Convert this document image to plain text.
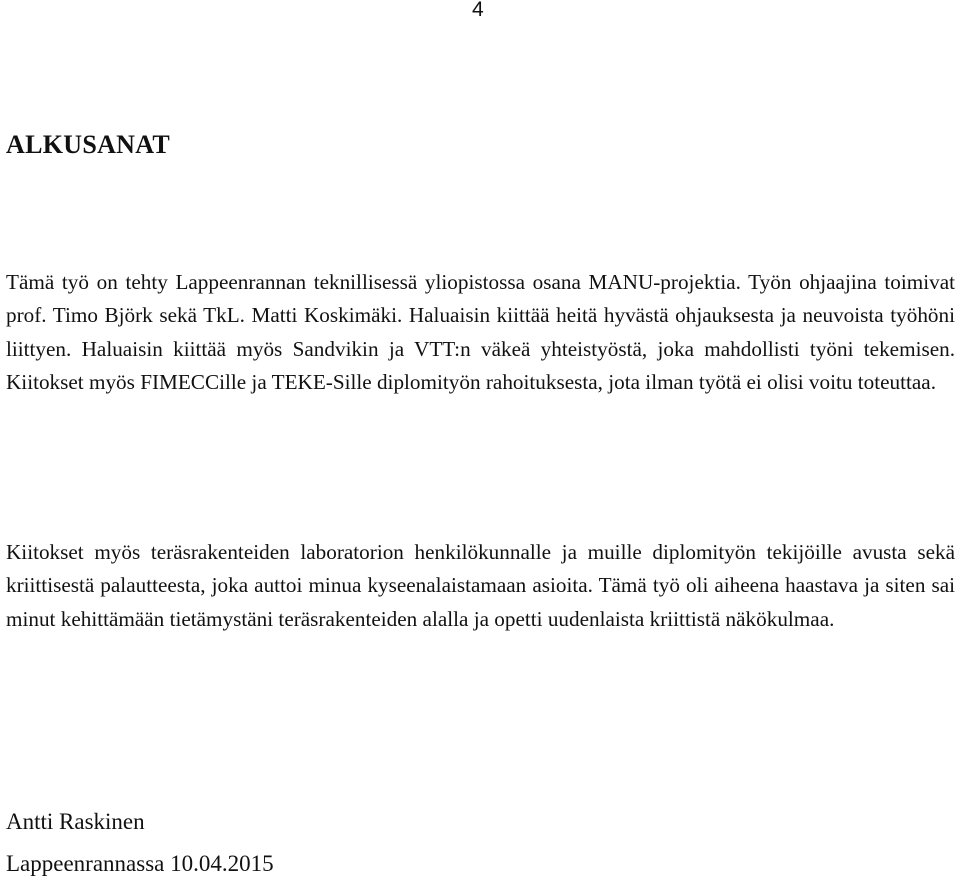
4
ALKUSANAT

Tämä työ on tehty Lappeenrannan teknillisessä yliopistossa osana MANU-projektia. Työn ohjaajina toimivat prof. Timo Björk sekä TkL. Matti Koskimäki. Haluaisin kiittää heitä hyvästä ohjauksesta ja neuvoista työhöni liittyen. Haluaisin kiittää myös Sandvikin ja VTT:n väkeä yhteistyöstä, joka mahdollisti työni tekemisen. Kiitokset myös FIMECCille ja TEKE-Sille diplomityön rahoituksesta, jota ilman työtä ei olisi voitu toteuttaa.

Kiitokset myös teräsrakenteiden laboratorion henkilökunnalle ja muille diplomityön tekijöille avusta sekä kriittisestä palautteesta, joka auttoi minua kyseenalaistamaan asioita. Tämä työ oli aiheena haastava ja siten sai minut kehittämään tietämystäni teräsrakenteiden alalla ja opetti uudenlaista kriittistä näkökulmaa.

Antti Raskinen

Lappeenrannassa 10.04.2015
